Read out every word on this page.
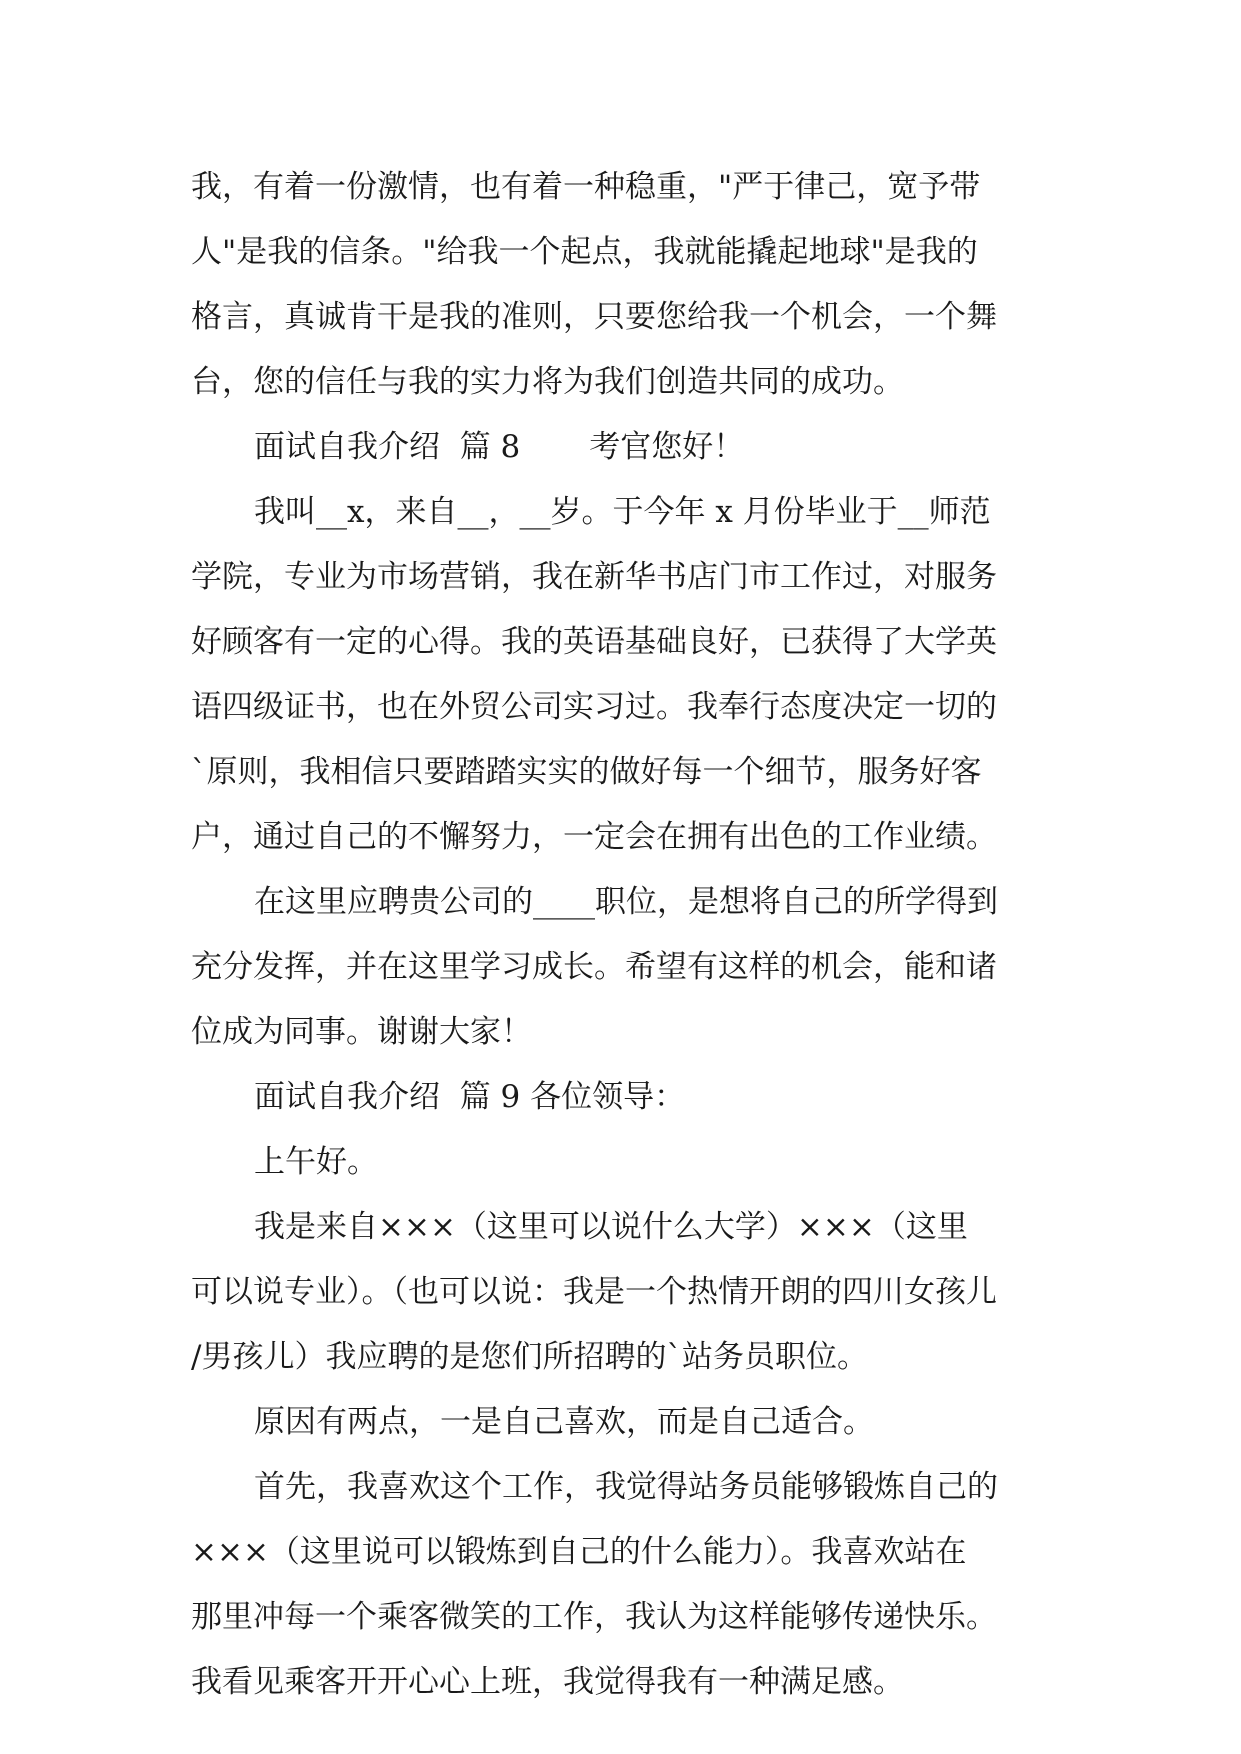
我，有着一份激情，也有着一种稳重，"严于律己，宽予带
人"是我的信条。"给我一个起点，我就能撬起地球"是我的
格言，真诚肯干是我的准则，只要您给我一个机会，一个舞
台，您的信任与我的实力将为我们创造共同的成功。
面试自我介绍  篇 8       考官您好！
我叫__x，来自__，__岁。于今年 x 月份毕业于__师范
学院，专业为市场营销，我在新华书店门市工作过，对服务
好顾客有一定的心得。我的英语基础良好，已获得了大学英
语四级证书，也在外贸公司实习过。我奉行态度决定一切的
`原则，我相信只要踏踏实实的做好每一个细节，服务好客
户，通过自己的不懈努力，一定会在拥有出色的工作业绩。
在这里应聘贵公司的____职位，是想将自己的所学得到
充分发挥，并在这里学习成长。希望有这样的机会，能和诸
位成为同事。谢谢大家！
面试自我介绍  篇 9 各位领导：
上午好。
我是来自×××（这里可以说什么大学）×××（这里
可以说专业）。（也可以说：我是一个热情开朗的四川女孩儿
/男孩儿）我应聘的是您们所招聘的`站务员职位。
原因有两点，一是自己喜欢，而是自己适合。
首先，我喜欢这个工作，我觉得站务员能够锻炼自己的
×××（这里说可以锻炼到自己的什么能力）。我喜欢站在
那里冲每一个乘客微笑的工作，我认为这样能够传递快乐。
我看见乘客开开心心上班，我觉得我有一种满足感。
